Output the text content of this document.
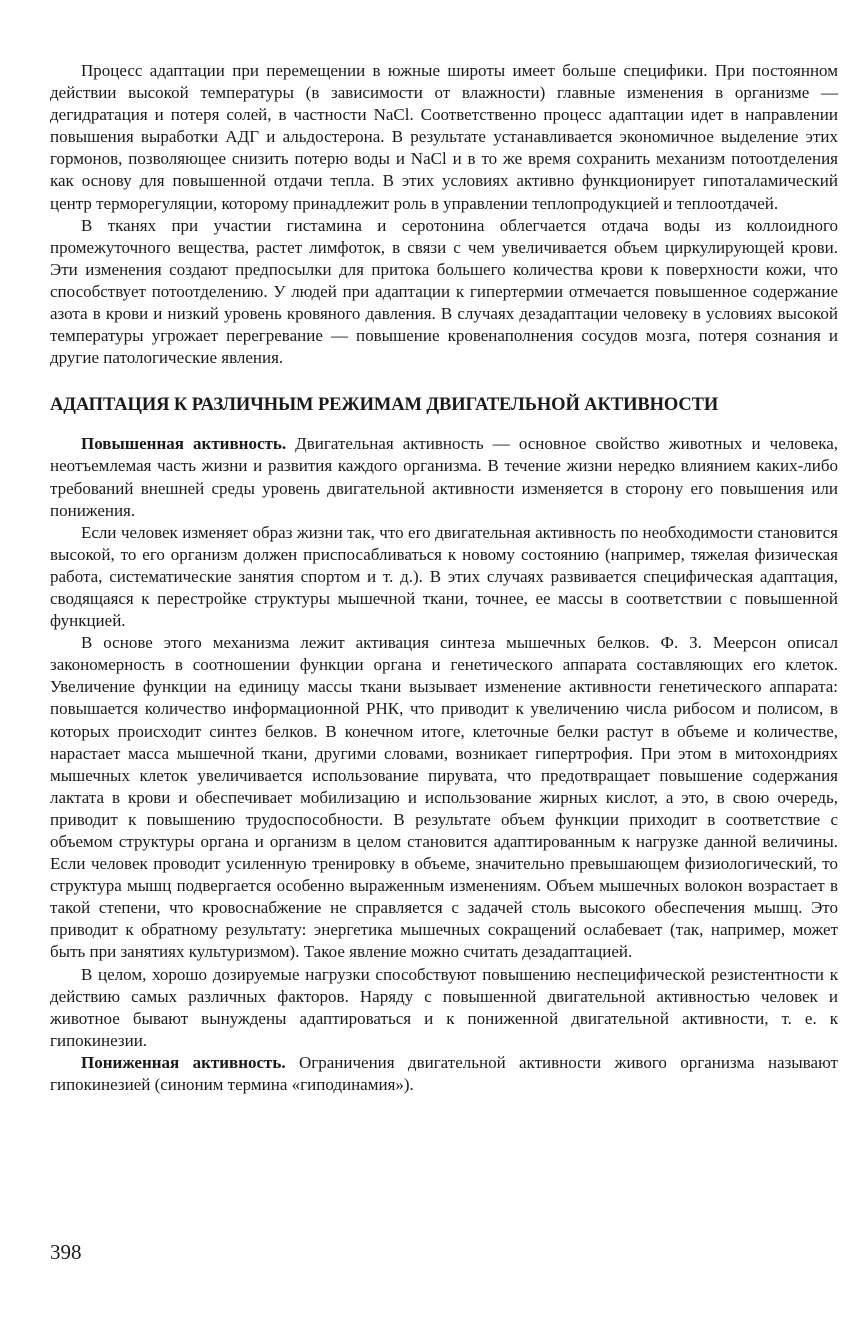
Процесс адаптации при перемещении в южные широты имеет больше специфики. При постоянном действии высокой температуры (в зависимости от влажности) главные изменения в организме — дегидратация и потеря солей, в частности NaCl. Соответственно процесс адаптации идет в направлении повышения выработки АДГ и альдостерона. В результате устанавливается экономичное выделение этих гормонов, позволяющее снизить потерю воды и NaCl и в то же время сохранить механизм потоотделения как основу для повышенной отдачи тепла. В этих условиях активно функционирует гипоталамический центр терморегуляции, которому принадлежит роль в управлении теплопродукцией и теплоотдачей.

В тканях при участии гистамина и серотонина облегчается отдача воды из коллоидного промежуточного вещества, растет лимфоток, в связи с чем увеличивается объем циркулирующей крови. Эти изменения создают предпосылки для притока большего количества крови к поверхности кожи, что способствует потоотделению. У людей при адаптации к гипертермии отмечается повышенное содержание азота в крови и низкий уровень кровяного давления. В случаях дезадаптации человеку в условиях высокой температуры угрожает перегревание — повышение кровенаполнения сосудов мозга, потеря сознания и другие патологические явления.

АДАПТАЦИЯ К РАЗЛИЧНЫМ РЕЖИМАМ ДВИГАТЕЛЬНОЙ АКТИВНОСТИ

Повышенная активность. Двигательная активность — основное свойство животных и человека, неотъемлемая часть жизни и развития каждого организма. В течение жизни нередко влиянием каких-либо требований внешней среды уровень двигательной активности изменяется в сторону его повышения или понижения.

Если человек изменяет образ жизни так, что его двигательная активность по необходимости становится высокой, то его организм должен приспосабливаться к новому состоянию (например, тяжелая физическая работа, систематические занятия спортом и т. д.). В этих случаях развивается специфическая адаптация, сводящаяся к перестройке структуры мышечной ткани, точнее, ее массы в соответствии с повышенной функцией.

В основе этого механизма лежит активация синтеза мышечных белков. Ф. З. Меерсон описал закономерность в соотношении функции органа и генетического аппарата составляющих его клеток. Увеличение функции на единицу массы ткани вызывает изменение активности генетического аппарата: повышается количество информационной РНК, что приводит к увеличению числа рибосом и полисом, в которых происходит синтез белков. В конечном итоге, клеточные белки растут в объеме и количестве, нарастает масса мышечной ткани, другими словами, возникает гипертрофия. При этом в митохондриях мышечных клеток увеличивается использование пирувата, что предотвращает повышение содержания лактата в крови и обеспечивает мобилизацию и использование жирных кислот, а это, в свою очередь, приводит к повышению трудоспособности. В результате объем функции приходит в соответствие с объемом структуры органа и организм в целом становится адаптированным к нагрузке данной величины. Если человек проводит усиленную тренировку в объеме, значительно превышающем физиологический, то структура мышц подвергается особенно выраженным изменениям. Объем мышечных волокон возрастает в такой степени, что кровоснабжение не справляется с задачей столь высокого обеспечения мышц. Это приводит к обратному результату: энергетика мышечных сокращений ослабевает (так, например, может быть при занятиях культуризмом). Такое явление можно считать дезадаптацией.

В целом, хорошо дозируемые нагрузки способствуют повышению неспецифической резистентности к действию самых различных факторов. Наряду с повышенной двигательной активностью человек и животное бывают вынуждены адаптироваться и к пониженной двигательной активности, т. е. к гипокинезии.

Пониженная активность. Ограничения двигательной активности живого организма называют гипокинезией (синоним термина «гиподинамия»).

398
